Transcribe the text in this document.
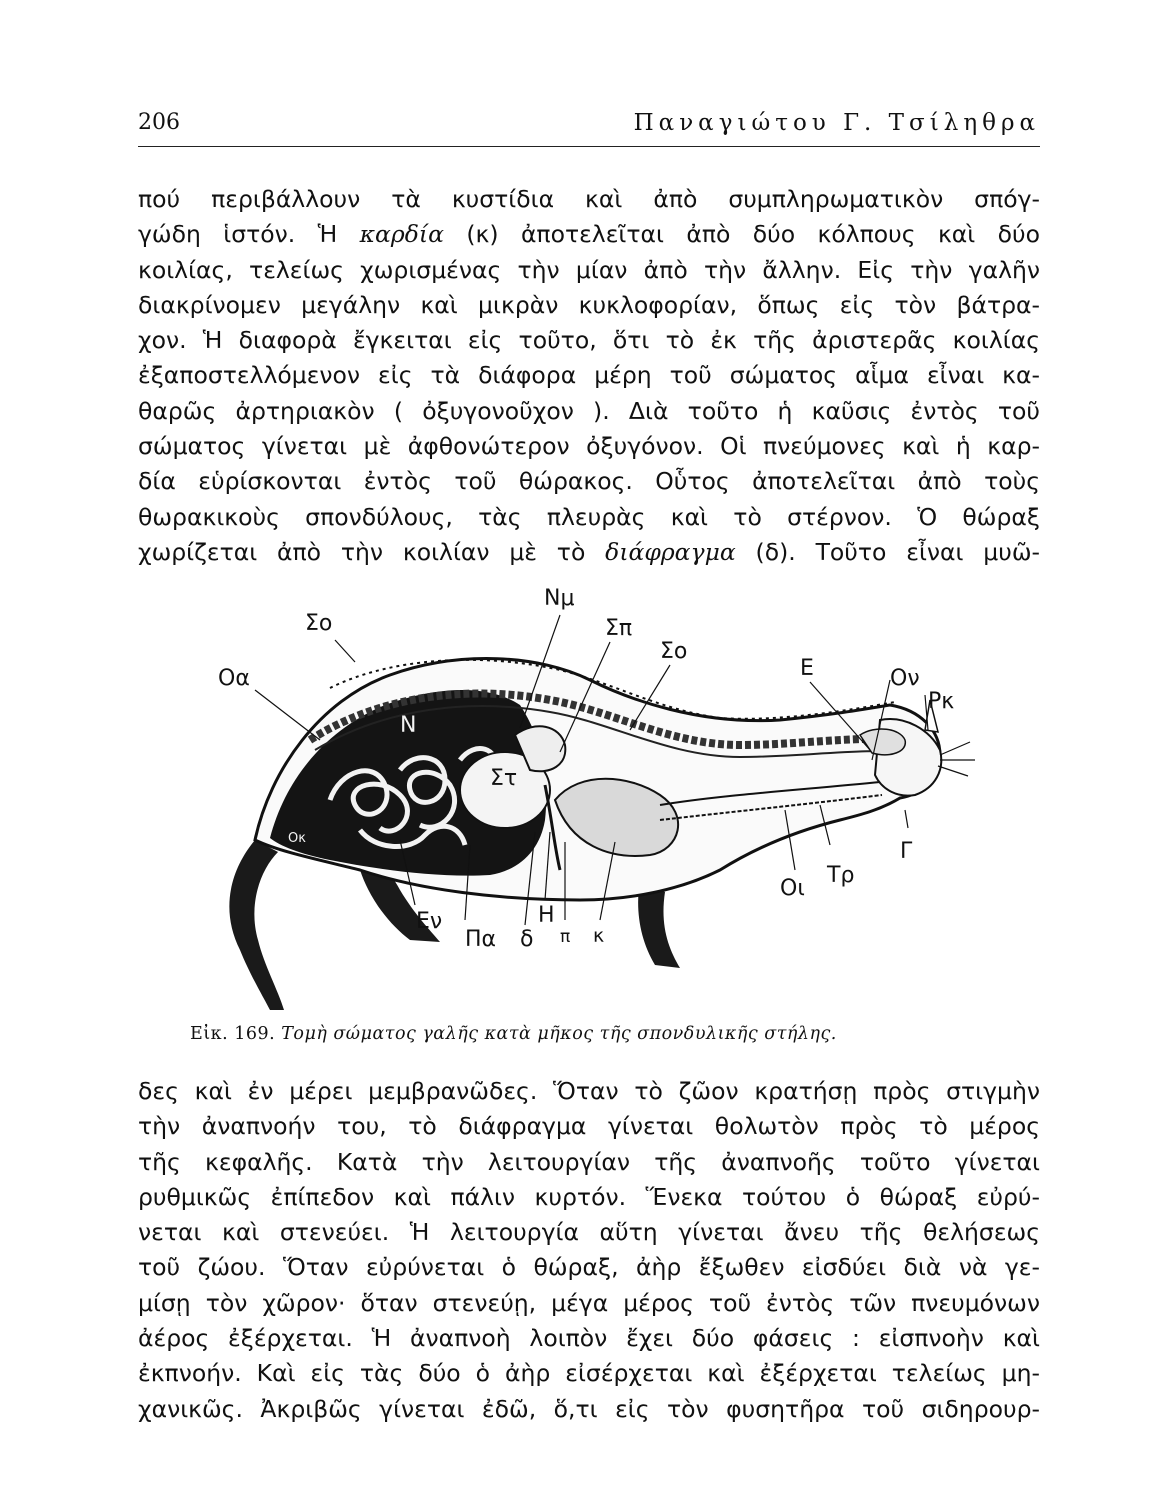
206	Παναγιώτου Γ. Τσίληθρα
πού περιβάλλουν τὰ κυστίδια καὶ ἀπὸ συμπληρωματικὸν σπόγ-
γώδη ἱστόν. Ἡ καρδία (κ) ἀποτελεῖται ἀπὸ δύο κόλπους καὶ δύο
κοιλίας, τελείως χωρισμένας τὴν μίαν ἀπὸ τὴν ἄλλην. Εἰς τὴν γαλῆν
διακρίνομεν μεγάλην καὶ μικρὰν κυκλοφορίαν, ὅπως εἰς τὸν βάτρα-
χον. Ἡ διαφορὰ ἔγκειται εἰς τοῦτο, ὅτι τὸ ἐκ τῆς ἀριστερᾶς κοιλίας
ἐξαποστελλόμενον εἰς τὰ διάφορα μέρη τοῦ σώματος αἷμα εἶναι κα-
θαρῶς ἀρτηριακὸν ( ὀξυγονοῦχον ). Διὰ τοῦτο ἡ καῦσις ἐντὸς τοῦ
σώματος γίνεται μὲ ἀφθονώτερον ὀξυγόνον. Οἱ πνεύμονες καὶ ἡ καρ-
δία εὑρίσκονται ἐντὸς τοῦ θώρακος. Οὗτος ἀποτελεῖται ἀπὸ τοὺς
θωρακικοὺς σπονδύλους, τὰς πλευρὰς καὶ τὸ στέρνον. Ὁ θώραξ
χωρίζεται ἀπὸ τὴν κοιλίαν μὲ τὸ διάφραγμα (δ). Τοῦτο εἶναι μυῶ-
Νμ
Σπ
Σο
Σο
Οα
Ν
Στ
Ε	Ον
Ρκ
Οκ
Γ
Τρ
Οι
Εν
Πα δ
Η
π κ
Εἰκ. 169. Τομὴ σώματος γαλῆς κατὰ μῆκος τῆς σπονδυλικῆς στήλης.
δες καὶ ἐν μέρει μεμβρανῶδες. Ὅταν τὸ ζῶον κρατήσῃ πρὸς στιγμὴν
τὴν ἀναπνοήν του, τὸ διάφραγμα γίνεται θολωτὸν πρὸς τὸ μέρος
τῆς κεφαλῆς. Κατὰ τὴν λειτουργίαν τῆς ἀναπνοῆς τοῦτο γίνεται
ρυθμικῶς ἐπίπεδον καὶ πάλιν κυρτόν. Ἕνεκα τούτου ὁ θώραξ εὐρύ-
νεται καὶ στενεύει. Ἡ λειτουργία αὕτη γίνεται ἄνευ τῆς θελήσεως
τοῦ ζώου. Ὅταν εὐρύνεται ὁ θώραξ, ἀὴρ ἔξωθεν εἰσδύει διὰ νὰ γε-
μίσῃ τὸν χῶρον· ὅταν στενεύῃ, μέγα μέρος τοῦ ἐντὸς τῶν πνευμόνων
ἀέρος ἐξέρχεται. Ἡ ἀναπνοὴ λοιπὸν ἔχει δύο φάσεις : εἰσπνοὴν καὶ
ἐκπνοήν. Καὶ εἰς τὰς δύο ὁ ἀὴρ εἰσέρχεται καὶ ἐξέρχεται τελείως μη-
χανικῶς. Ἀκριβῶς γίνεται ἐδῶ, ὅ,τι εἰς τὸν φυσητῆρα τοῦ σιδηρουρ-
